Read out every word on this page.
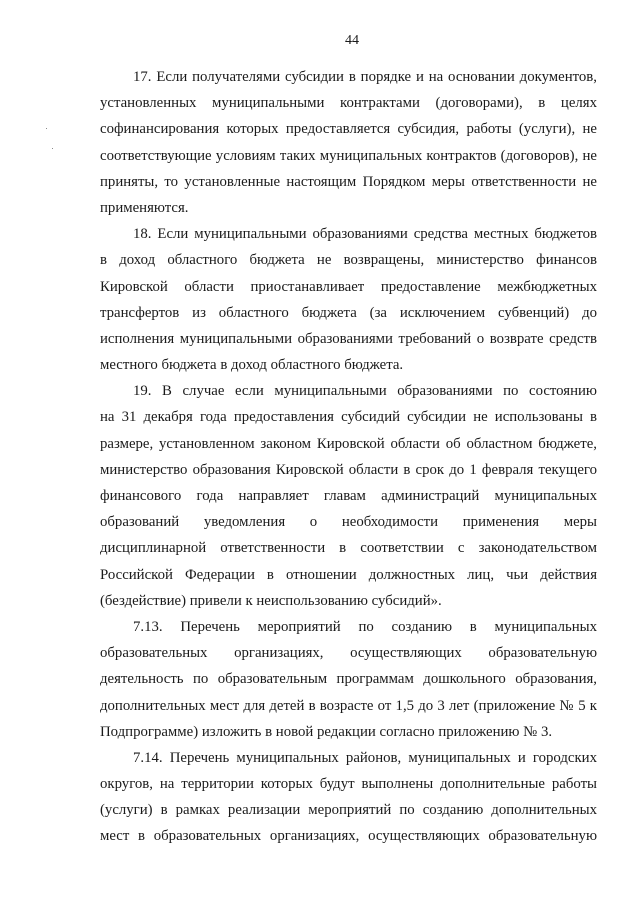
44
17. Если получателями субсидии в порядке и на основании документов,
установленных муниципальными контрактами (договорами), в целях
софинансирования которых предоставляется субсидия, работы (услуги), не
соответствующие условиям таких муниципальных контрактов (договоров), не
приняты, то установленные настоящим Порядком меры ответственности не
применяются.
18. Если муниципальными образованиями средства местных бюджетов
в доход областного бюджета не возвращены, министерство финансов
Кировской области приостанавливает предоставление межбюджетных
трансфертов из областного бюджета (за исключением субвенций) до
исполнения муниципальными образованиями требований о возврате средств
местного бюджета в доход областного бюджета.
19. В случае если муниципальными образованиями по состоянию
на 31 декабря года предоставления субсидий субсидии не использованы в
размере, установленном законом Кировской области об областном бюджете,
министерство образования Кировской области в срок до 1 февраля текущего
финансового года направляет главам администраций муниципальных
образований уведомления о необходимости применения меры
дисциплинарной ответственности в соответствии с законодательством
Российской Федерации в отношении должностных лиц, чьи действия
(бездействие) привели к неиспользованию субсидий».
7.13. Перечень мероприятий по созданию в муниципальных
образовательных организациях, осуществляющих образовательную
деятельность по образовательным программам дошкольного образования,
дополнительных мест для детей в возрасте от 1,5 до 3 лет (приложение № 5 к
Подпрограмме) изложить в новой редакции согласно приложению № 3.
7.14. Перечень муниципальных районов, муниципальных и городских
округов, на территории которых будут выполнены дополнительные работы
(услуги) в рамках реализации мероприятий по созданию дополнительных
мест в образовательных организациях, осуществляющих образовательную
